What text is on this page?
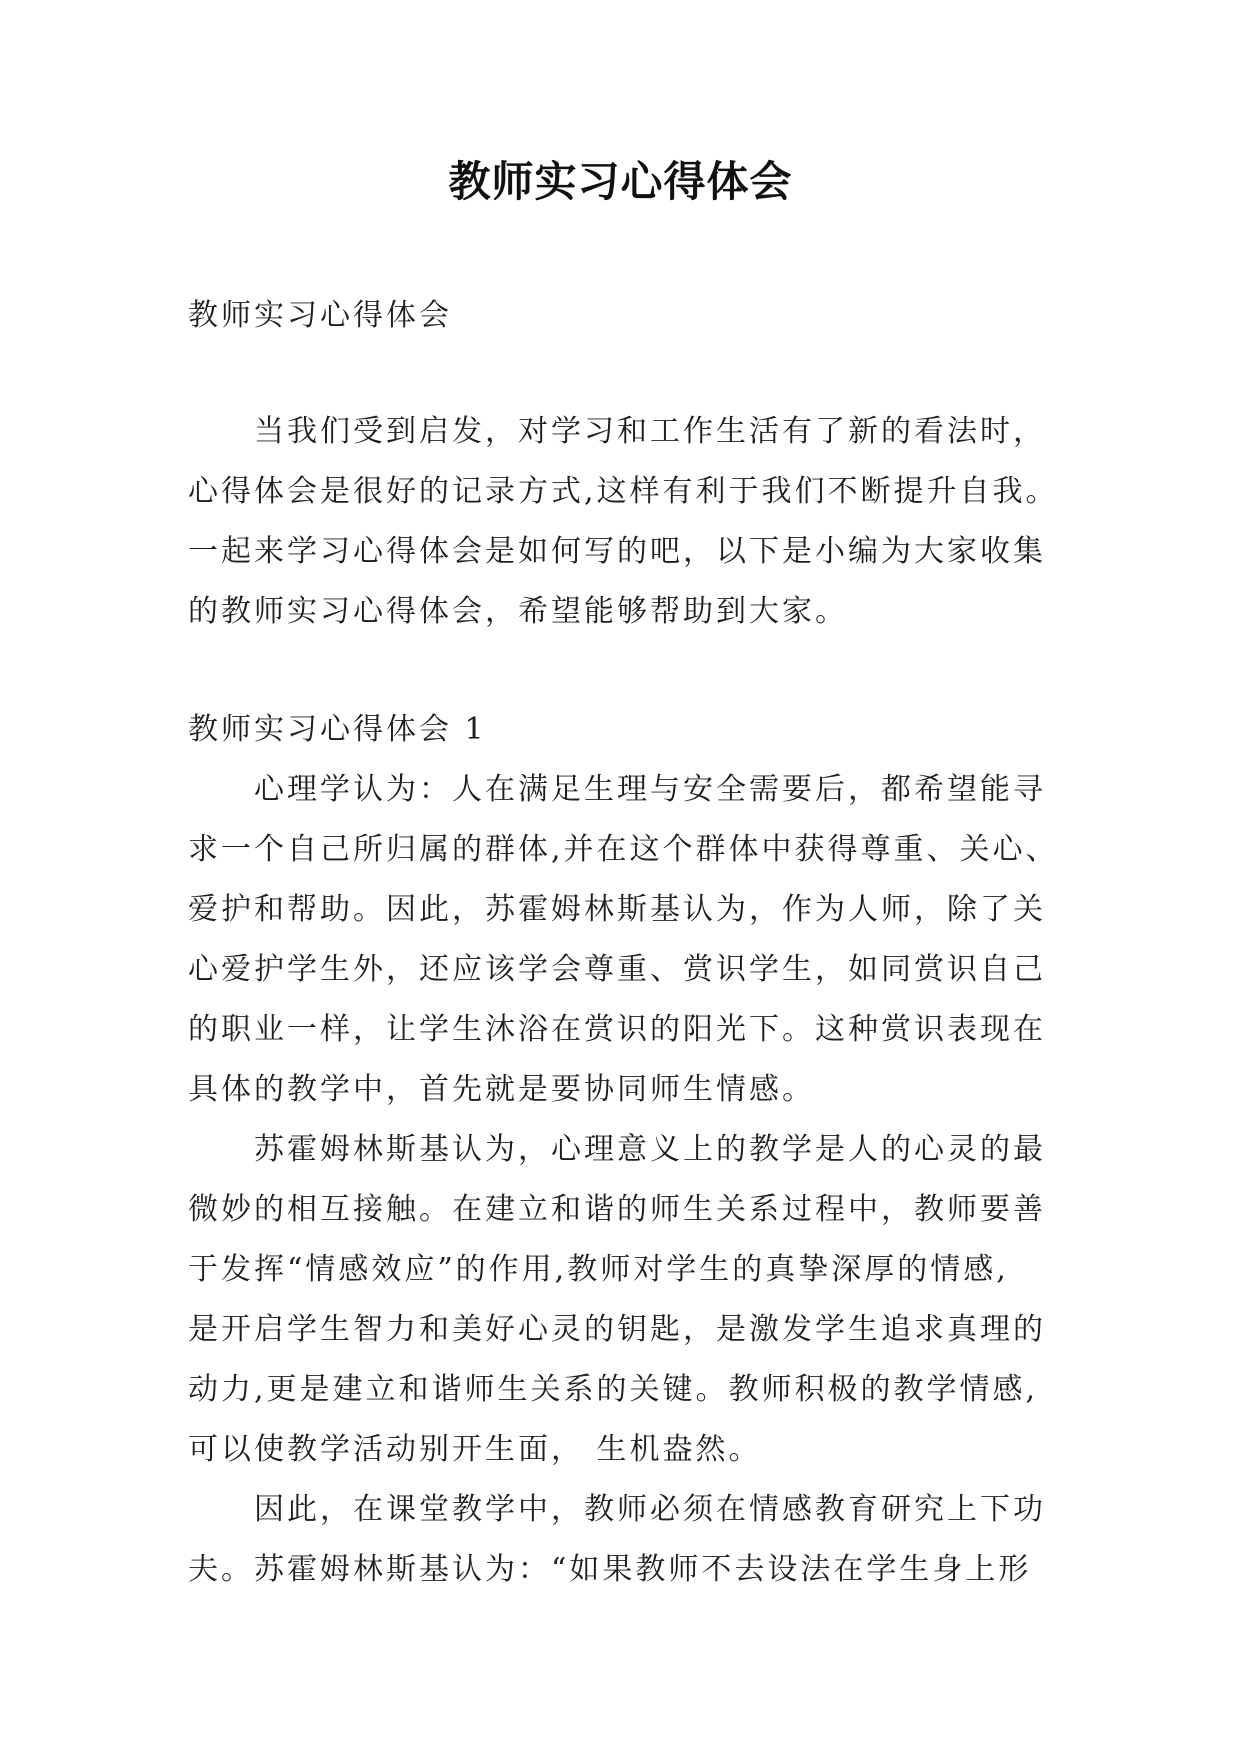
教师实习心得体会

教师实习心得体会

当我们受到启发，对学习和工作生活有了新的看法时，
心得体会是很好的记录方式,这样有利于我们不断提升自我。
一起来学习心得体会是如何写的吧，以下是小编为大家收集
的教师实习心得体会，希望能够帮助到大家。

教师实习心得体会 1

心理学认为：人在满足生理与安全需要后，都希望能寻
求一个自己所归属的群体,并在这个群体中获得尊重、关心、
爱护和帮助。因此，苏霍姆林斯基认为，作为人师，除了关
心爱护学生外，还应该学会尊重、赏识学生，如同赏识自己
的职业一样，让学生沐浴在赏识的阳光下。这种赏识表现在
具体的教学中，首先就是要协同师生情感。

苏霍姆林斯基认为，心理意义上的教学是人的心灵的最
微妙的相互接触。在建立和谐的师生关系过程中，教师要善
于发挥“情感效应”的作用,教师对学生的真挚深厚的情感,
是开启学生智力和美好心灵的钥匙，是激发学生追求真理的
动力,更是建立和谐师生关系的关键。教师积极的教学情感,
可以使教学活动别开生面， 生机盎然。

因此，在课堂教学中，教师必须在情感教育研究上下功
夫。苏霍姆林斯基认为：“如果教师不去设法在学生身上形
